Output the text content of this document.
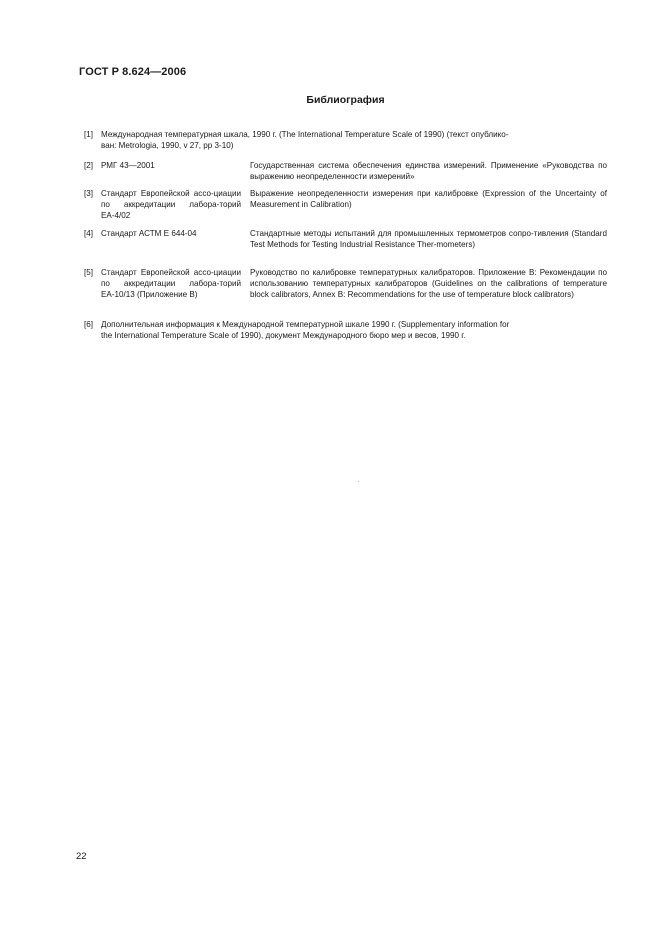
ГОСТ Р 8.624—2006
Библиография
[1] Международная температурная шкала, 1990 г. (The International Temperature Scale of 1990) (текст опублико-
ван: Metrologia, 1990, v 27, pp 3-10)
[2] РМГ 43—2001	Государственная система обеспечения единства измерений. Применение «Руководства по выражению неопределенности измерений»
[3] Стандарт Европейской ассо-циации по аккредитации лабора-торий ЕА-4/02
Выражение неопределенности измерения при калибровке (Expression of the Uncertainty of Measurement in Calibration)
[4] Стандарт АСТМ Е 644-04	Стандартные методы испытаний для промышленных термометров сопро-тивления (Standard Test Methods for Testing Industrial Resistance Ther-mometers)
[5] Стандарт Европейской ассо-циации по аккредитации лабора-торий ЕА-10/13 (Приложение В)
Руководство по калибровке температурных калибраторов. Приложение В: Рекомендации по использованию температурных калибраторов (Guidelines on the calibrations of temperature block calibrators, Annex B: Recommendations for the use of temperature block calibrators)
[6] Дополнительная информация к Международной температурной шкале 1990 г. (Supplementary information for
the International Temperature Scale of 1990), документ Международного бюро мер и весов, 1990 г.
22
